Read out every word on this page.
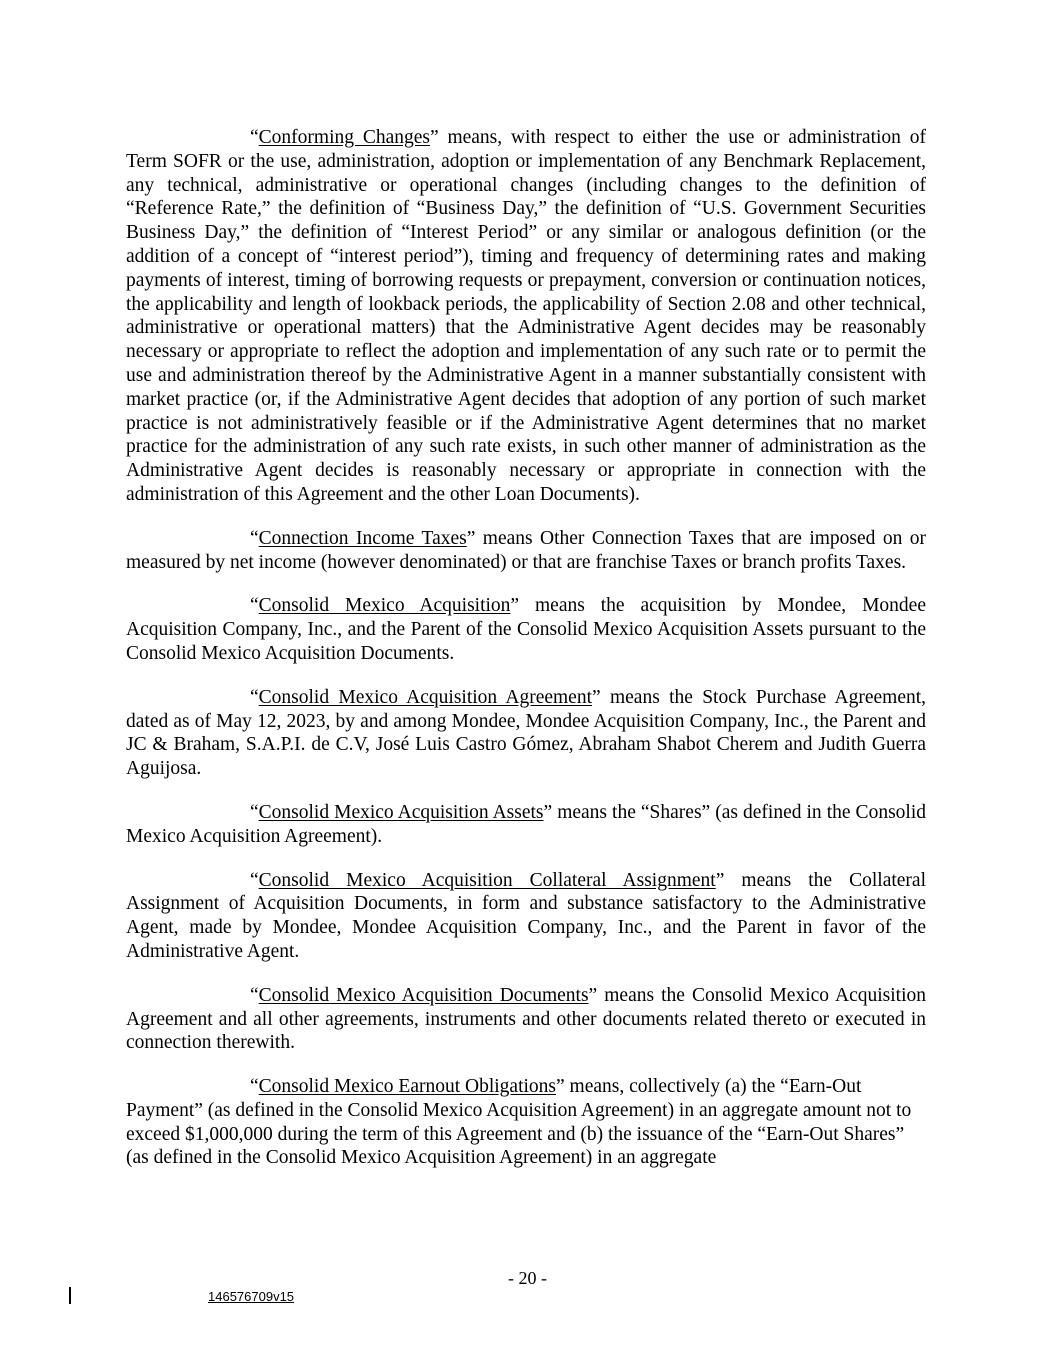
“Conforming Changes” means, with respect to either the use or administration of Term SOFR or the use, administration, adoption or implementation of any Benchmark Replacement, any technical, administrative or operational changes (including changes to the definition of “Reference Rate,” the definition of “Business Day,” the definition of “U.S. Government Securities Business Day,” the definition of “Interest Period” or any similar or analogous definition (or the addition of a concept of “interest period”), timing and frequency of determining rates and making payments of interest, timing of borrowing requests or prepayment, conversion or continuation notices, the applicability and length of lookback periods, the applicability of Section 2.08 and other technical, administrative or operational matters) that the Administrative Agent decides may be reasonably necessary or appropriate to reflect the adoption and implementation of any such rate or to permit the use and administration thereof by the Administrative Agent in a manner substantially consistent with market practice (or, if the Administrative Agent decides that adoption of any portion of such market practice is not administratively feasible or if the Administrative Agent determines that no market practice for the administration of any such rate exists, in such other manner of administration as the Administrative Agent decides is reasonably necessary or appropriate in connection with the administration of this Agreement and the other Loan Documents).

“Connection Income Taxes” means Other Connection Taxes that are imposed on or measured by net income (however denominated) or that are franchise Taxes or branch profits Taxes.

“Consolid Mexico Acquisition” means the acquisition by Mondee, Mondee Acquisition Company, Inc., and the Parent of the Consolid Mexico Acquisition Assets pursuant to the Consolid Mexico Acquisition Documents.

“Consolid Mexico Acquisition Agreement” means the Stock Purchase Agreement, dated as of May 12, 2023, by and among Mondee, Mondee Acquisition Company, Inc., the Parent and JC & Braham, S.A.P.I. de C.V, José Luis Castro Gómez, Abraham Shabot Cherem and Judith Guerra Aguijosa.

“Consolid Mexico Acquisition Assets” means the “Shares” (as defined in the Consolid Mexico Acquisition Agreement).

“Consolid Mexico Acquisition Collateral Assignment” means the Collateral Assignment of Acquisition Documents, in form and substance satisfactory to the Administrative Agent, made by Mondee, Mondee Acquisition Company, Inc., and the Parent in favor of the Administrative Agent.

“Consolid Mexico Acquisition Documents” means the Consolid Mexico Acquisition Agreement and all other agreements, instruments and other documents related thereto or executed in connection therewith.

“Consolid Mexico Earnout Obligations” means, collectively (a) the “Earn-Out Payment” (as defined in the Consolid Mexico Acquisition Agreement) in an aggregate amount not to exceed $1,000,000 during the term of this Agreement and (b) the issuance of the “Earn-Out Shares” (as defined in the Consolid Mexico Acquisition Agreement) in an aggregate

- 20 -
146576709v15
